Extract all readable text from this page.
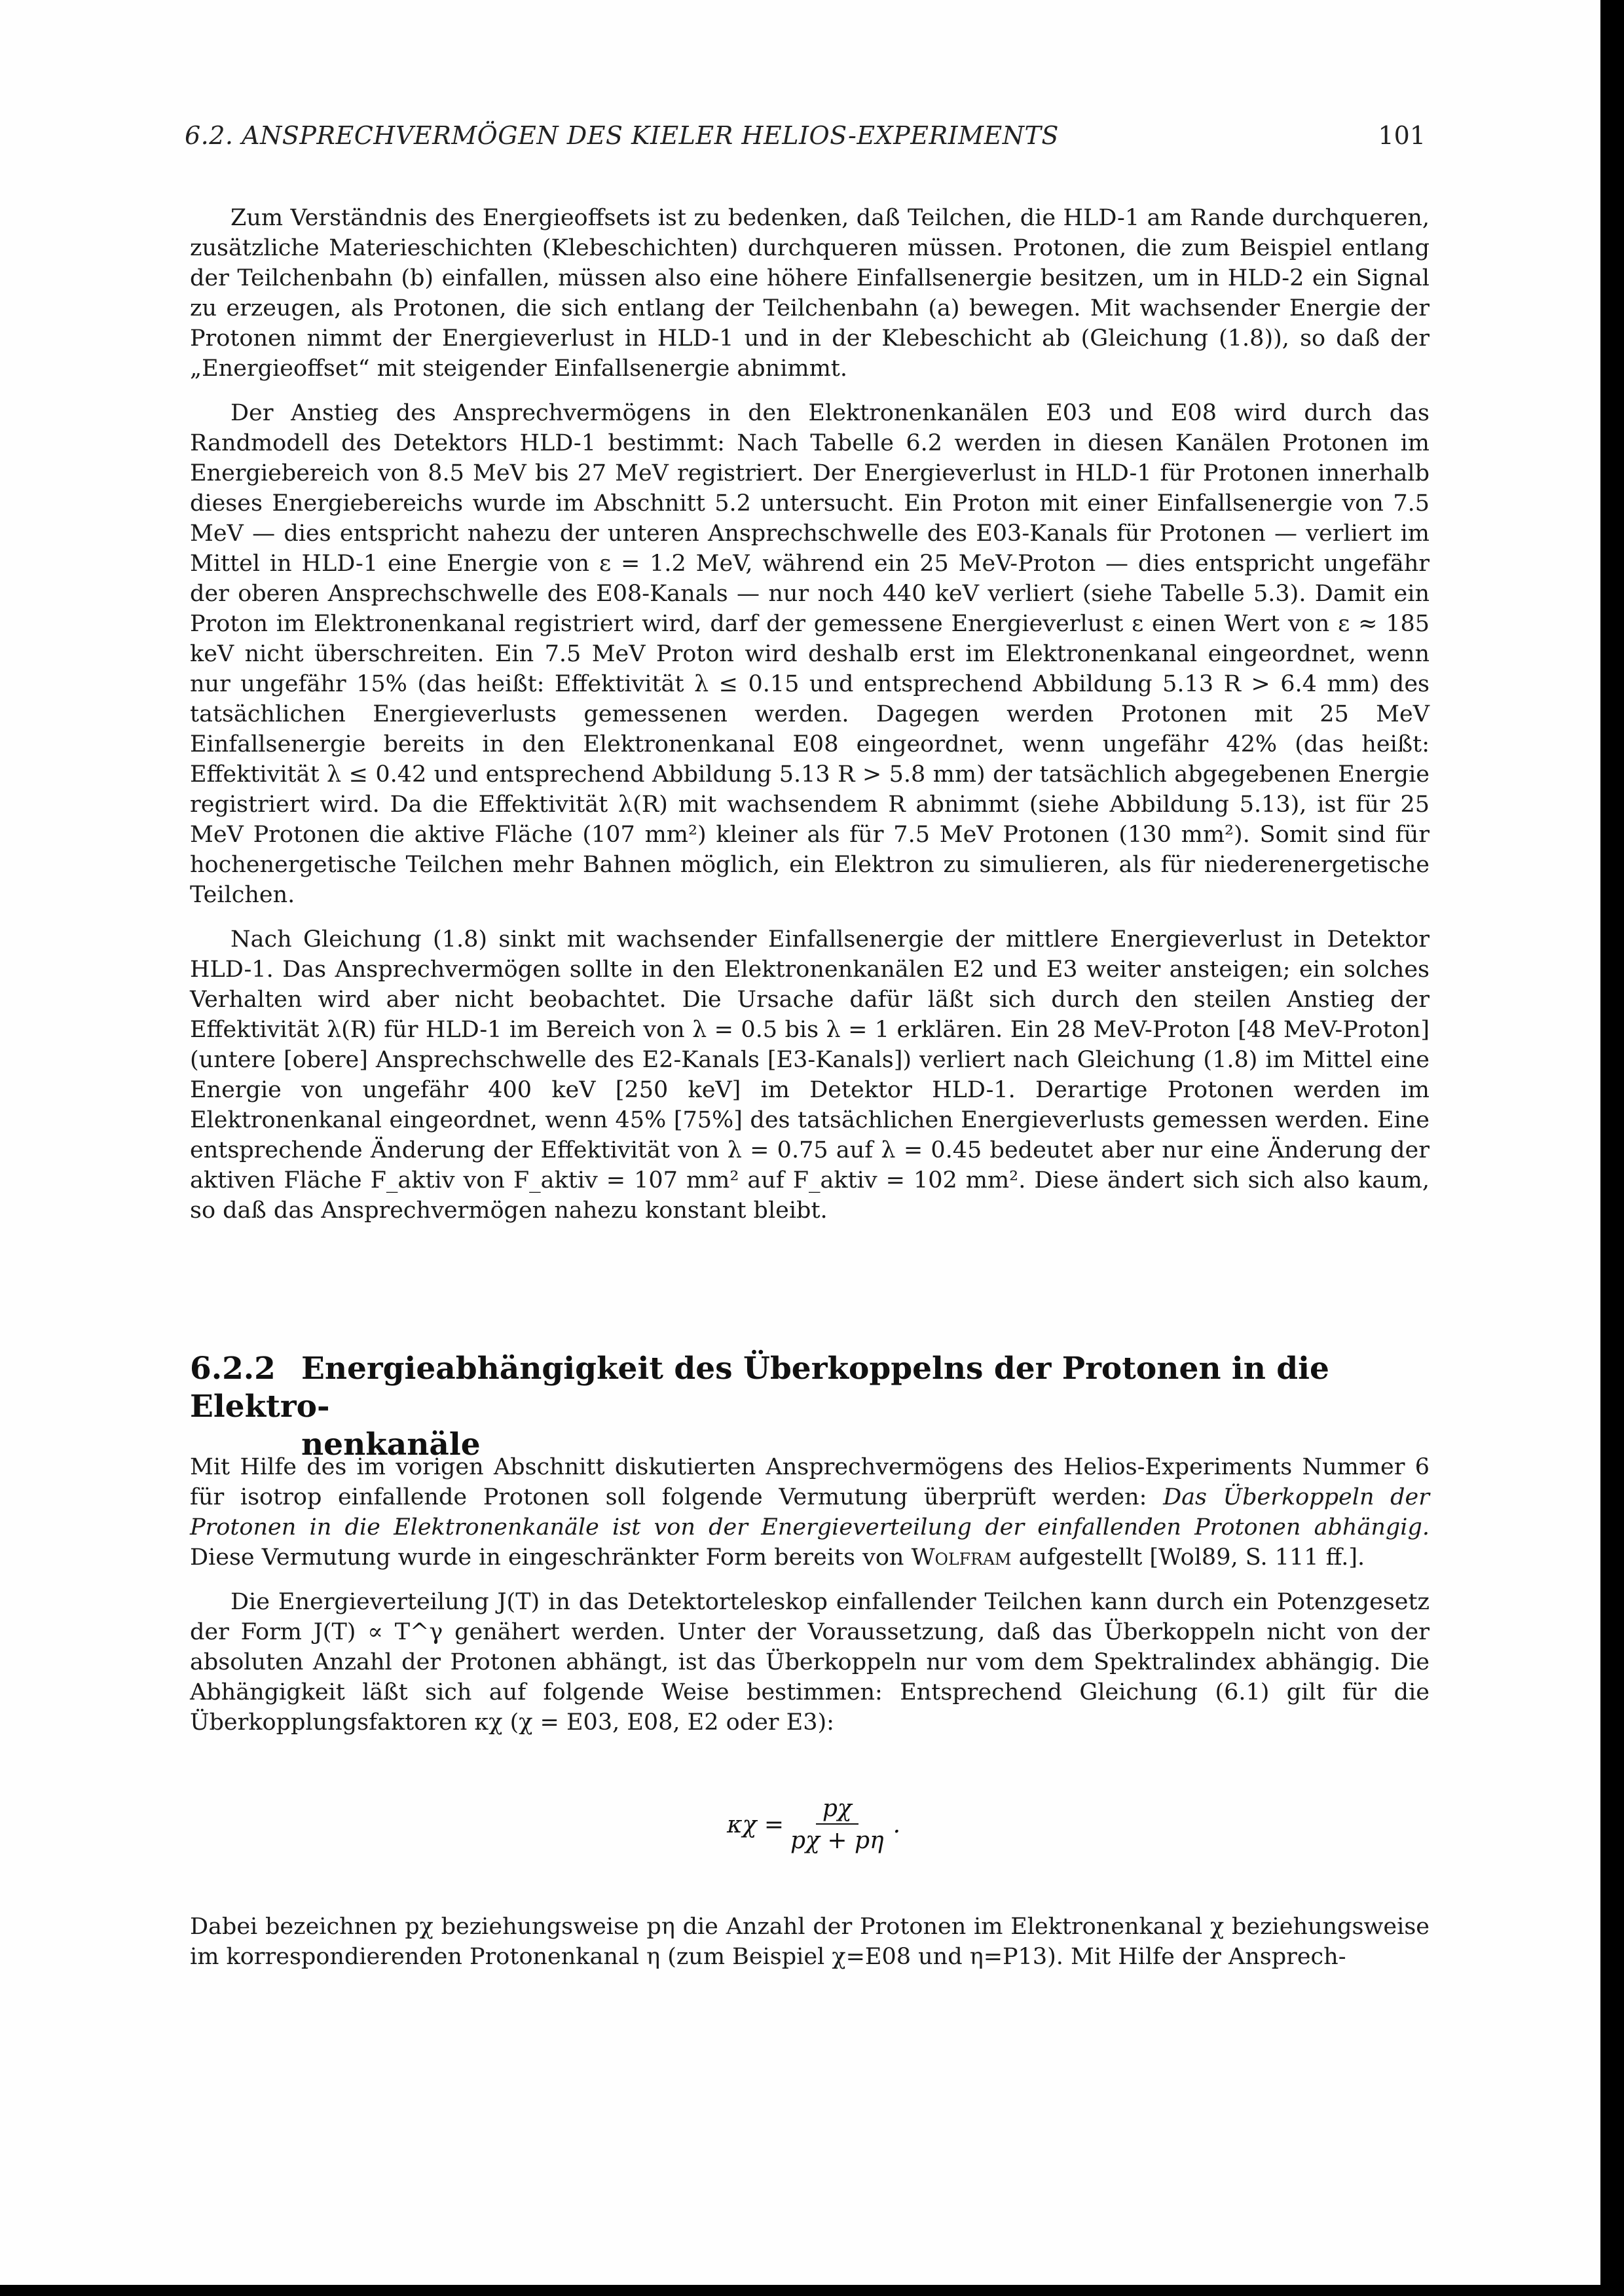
6.2. ANSPRECHVERMÖGEN DES KIELER HELIOS-EXPERIMENTS	101

Zum Verständnis des Energieoffsets ist zu bedenken, daß Teilchen, die HLD-1 am Rande durchqueren, zusätzliche Materieschichten (Klebeschichten) durchqueren müssen. Protonen, die zum Beispiel entlang der Teilchenbahn (b) einfallen, müssen also eine höhere Einfallsenergie besitzen, um in HLD-2 ein Signal zu erzeugen, als Protonen, die sich entlang der Teilchenbahn (a) bewegen. Mit wachsender Energie der Protonen nimmt der Energieverlust in HLD-1 und in der Klebeschicht ab (Gleichung (1.8)), so daß der „Energieoffset“ mit steigender Einfallsenergie abnimmt.

Der Anstieg des Ansprechvermögens in den Elektronenkanälen E03 und E08 wird durch das Randmodell des Detektors HLD-1 bestimmt: Nach Tabelle 6.2 werden in diesen Kanälen Protonen im Energiebereich von 8.5 MeV bis 27 MeV registriert. Der Energieverlust in HLD-1 für Protonen innerhalb dieses Energiebereichs wurde im Abschnitt 5.2 untersucht. Ein Proton mit einer Einfallsenergie von 7.5 MeV — dies entspricht nahezu der unteren Ansprechschwelle des E03-Kanals für Protonen — verliert im Mittel in HLD-1 eine Energie von ε = 1.2 MeV, während ein 25 MeV-Proton — dies entspricht ungefähr der oberen Ansprechschwelle des E08-Kanals — nur noch 440 keV verliert (siehe Tabelle 5.3). Damit ein Proton im Elektronenkanal registriert wird, darf der gemessene Energieverlust ε einen Wert von ε ≈ 185 keV nicht überschreiten. Ein 7.5 MeV Proton wird deshalb erst im Elektronenkanal eingeordnet, wenn nur ungefähr 15% (das heißt: Effektivität λ ≤ 0.15 und entsprechend Abbildung 5.13 R > 6.4 mm) des tatsächlichen Energieverlusts gemessenen werden. Dagegen werden Protonen mit 25 MeV Einfallsenergie bereits in den Elektronenkanal E08 eingeordnet, wenn ungefähr 42% (das heißt: Effektivität λ ≤ 0.42 und entsprechend Abbildung 5.13 R > 5.8 mm) der tatsächlich abgegebenen Energie registriert wird. Da die Effektivität λ(R) mit wachsendem R abnimmt (siehe Abbildung 5.13), ist für 25 MeV Protonen die aktive Fläche (107 mm²) kleiner als für 7.5 MeV Protonen (130 mm²). Somit sind für hochenergetische Teilchen mehr Bahnen möglich, ein Elektron zu simulieren, als für niederenergetische Teilchen.

Nach Gleichung (1.8) sinkt mit wachsender Einfallsenergie der mittlere Energieverlust in Detektor HLD-1. Das Ansprechvermögen sollte in den Elektronenkanälen E2 und E3 weiter ansteigen; ein solches Verhalten wird aber nicht beobachtet. Die Ursache dafür läßt sich durch den steilen Anstieg der Effektivität λ(R) für HLD-1 im Bereich von λ = 0.5 bis λ = 1 erklären. Ein 28 MeV-Proton [48 MeV-Proton] (untere [obere] Ansprechschwelle des E2-Kanals [E3-Kanals]) verliert nach Gleichung (1.8) im Mittel eine Energie von ungefähr 400 keV [250 keV] im Detektor HLD-1. Derartige Protonen werden im Elektronenkanal eingeordnet, wenn 45% [75%] des tatsächlichen Energieverlusts gemessen werden. Eine entsprechende Änderung der Effektivität von λ = 0.75 auf λ = 0.45 bedeutet aber nur eine Änderung der aktiven Fläche F_aktiv von F_aktiv = 107 mm² auf F_aktiv = 102 mm². Diese ändert sich sich also kaum, so daß das Ansprechvermögen nahezu konstant bleibt.

6.2.2 Energieabhängigkeit des Überkoppelns der Protonen in die Elektro-
nenkanäle

Mit Hilfe des im vorigen Abschnitt diskutierten Ansprechvermögens des Helios-Experiments Nummer 6 für isotrop einfallende Protonen soll folgende Vermutung überprüft werden: Das Überkoppeln der Protonen in die Elektronenkanäle ist von der Energieverteilung der einfallenden Protonen abhängig. Diese Vermutung wurde in eingeschränkter Form bereits von Wolfram aufgestellt [Wol89, S. 111 ff.].

Die Energieverteilung J(T) in das Detektorteleskop einfallender Teilchen kann durch ein Potenzgesetz der Form J(T) ∝ T^γ genähert werden. Unter der Voraussetzung, daß das Überkoppeln nicht von der absoluten Anzahl der Protonen abhängt, ist das Überkoppeln nur vom dem Spektralindex abhängig. Die Abhängigkeit läßt sich auf folgende Weise bestimmen: Entsprechend Gleichung (6.1) gilt für die Überkopplungsfaktoren κχ (χ = E03, E08, E2 oder E3):

$\kappa\chi = \frac{p\chi}{p\chi + p\eta}$ .

Dabei bezeichnen pχ beziehungsweise pη die Anzahl der Protonen im Elektronenkanal χ beziehungsweise im korrespondierenden Protonenkanal η (zum Beispiel χ=E08 und η=P13). Mit Hilfe der Ansprech-
